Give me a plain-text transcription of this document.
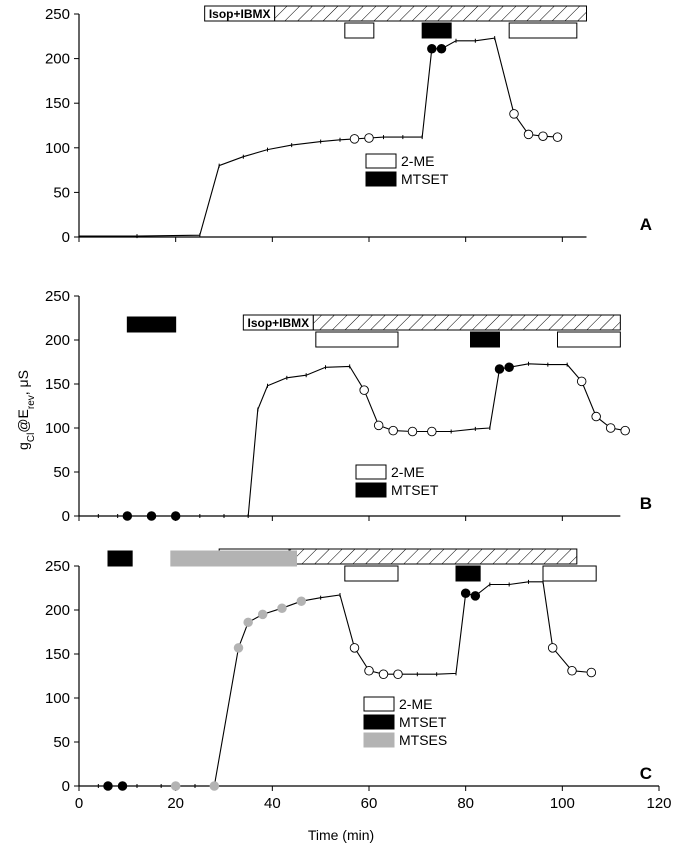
0
50
100
150
200
250	Isop+IBMX
2-ME
MTSET
A
0
50
100
150
200
250
Isop+IBMX
2-ME
MTSET
B
0
50
100
150
200
250
0	20	40	60	80	100	120
2-ME
MTSET
MTSES
C
Time (min)
$g_{Cl}@E_{rev}$, μS
